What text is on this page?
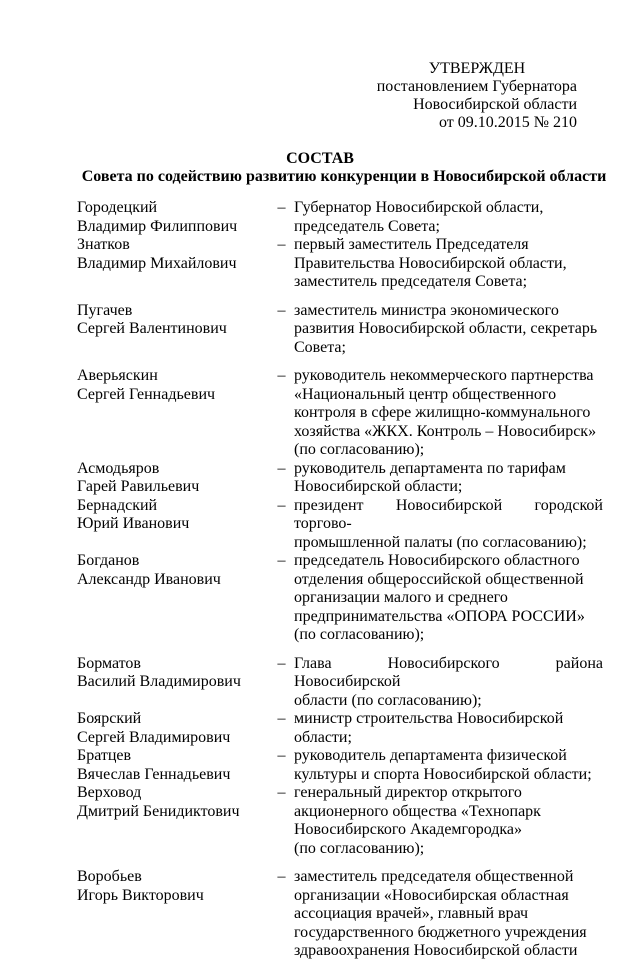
УТВЕРЖДЕН
постановлением Губернатора
Новосибирской области
от 09.10.2015 № 210
СОСТАВ
Совета по содействию развитию конкуренции в Новосибирской области
Городецкий
Владимир Филиппович
– Губернатор Новосибирской области,
председатель Совета;
Знатков
Владимир Михайлович
– первый заместитель Председателя
Правительства Новосибирской области,
заместитель председателя Совета;
Пугачев
Сергей Валентинович
– заместитель министра экономического
развития Новосибирской области, секретарь
Совета;
Аверьяскин
Сергей Геннадьевич
– руководитель некоммерческого партнерства
«Национальный центр общественного
контроля в сфере жилищно-коммунального
хозяйства «ЖКХ. Контроль – Новосибирск»
(по согласованию);
Асмодьяров
Гарей Равильевич
– руководитель департамента по тарифам
Новосибирской области;
Бернадский
Юрий Иванович
– президент Новосибирской городской торгово-
промышленной палаты (по согласованию);
Богданов
Александр Иванович
– председатель Новосибирского областного
отделения общероссийской общественной
организации малого и среднего
предпринимательства «ОПОРА РОССИИ»
(по согласованию);
Борматов
Василий Владимирович
– Глава Новосибирского района Новосибирской
области (по согласованию);
Боярский
Сергей Владимирович
– министр строительства Новосибирской
области;
Братцев
Вячеслав Геннадьевич
– руководитель департамента физической
культуры и спорта Новосибирской области;
Верховод
Дмитрий Бенидиктович
– генеральный директор открытого
акционерного общества «Технопарк
Новосибирского Академгородка»
(по согласованию);
Воробьев
Игорь Викторович
– заместитель председателя общественной
организации «Новосибирская областная
ассоциация врачей», главный врач
государственного бюджетного учреждения
здравоохранения Новосибирской области
